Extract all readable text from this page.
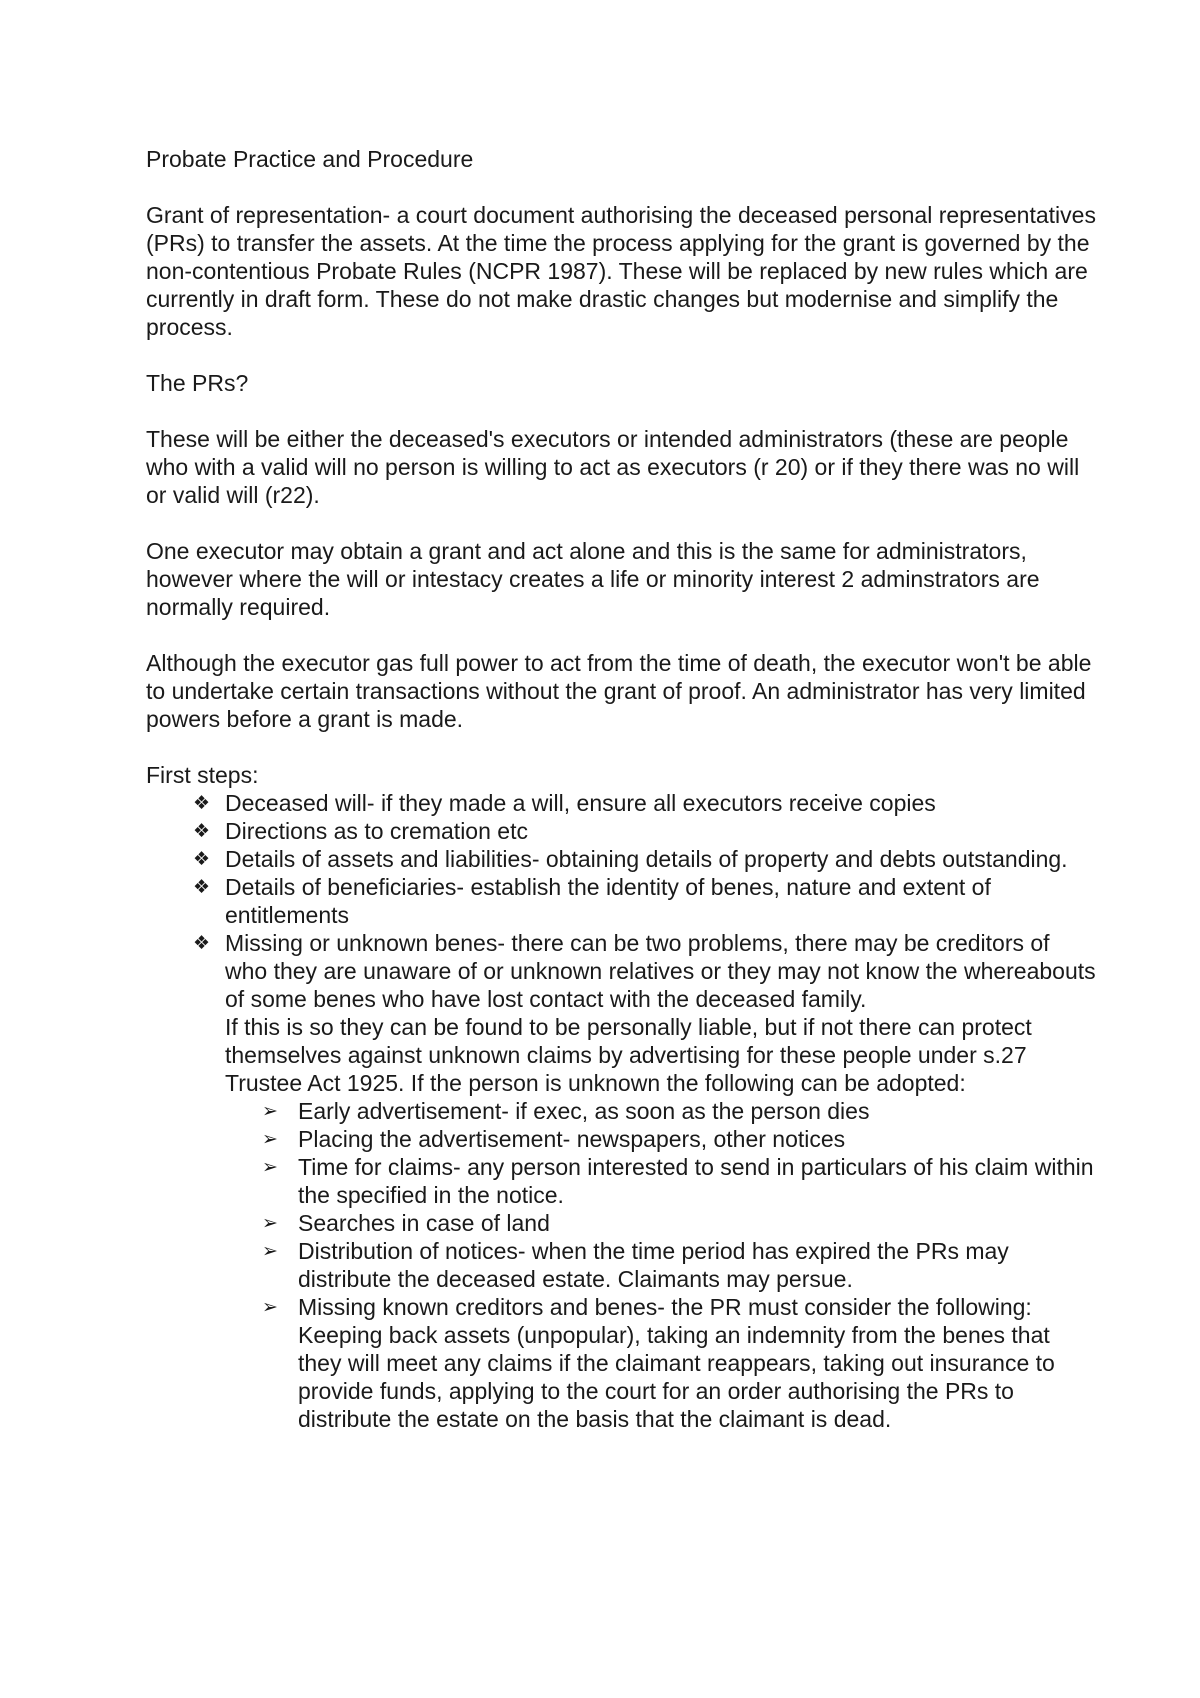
Probate Practice and Procedure

Grant of representation- a court document authorising the deceased personal representatives (PRs) to transfer the assets. At the time the process applying for the grant is governed by the non-contentious Probate Rules (NCPR 1987). These will be replaced by new rules which are currently in draft form. These do not make drastic changes but modernise and simplify the process.

The PRs?

These will be either the deceased's executors or intended administrators (these are people who with a valid will no person is willing to act as executors (r 20) or if they there was no will or valid will (r22).

One executor may obtain a grant and act alone and this is the same for administrators, however where the will or intestacy creates a life or minority interest 2 adminstrators are normally required.

Although the executor gas full power to act from the time of death, the executor won't be able to undertake certain transactions without the grant of proof. An administrator has very limited powers before a grant is made.

First steps:

❖ Deceased will- if they made a will, ensure all executors receive copies
❖ Directions as to cremation etc
❖ Details of assets and liabilities- obtaining details of property and debts outstanding.
❖ Details of beneficiaries- establish the identity of benes, nature and extent of entitlements
❖ Missing or unknown benes- there can be two problems, there may be creditors of who they are unaware of or unknown relatives or they may not know the whereabouts of some benes who have lost contact with the deceased family.
If this is so they can be found to be personally liable, but if not there can protect themselves against unknown claims by advertising for these people under s.27 Trustee Act 1925. If the person is unknown the following can be adopted:
➢ Early advertisement- if exec, as soon as the person dies
➢ Placing the advertisement- newspapers, other notices
➢ Time for claims- any person interested to send in particulars of his claim within the specified in the notice.
➢ Searches in case of land
➢ Distribution of notices- when the time period has expired the PRs may distribute the deceased estate. Claimants may persue.
➢ Missing known creditors and benes- the PR must consider the following: Keeping back assets (unpopular), taking an indemnity from the benes that they will meet any claims if the claimant reappears, taking out insurance to provide funds, applying to the court for an order authorising the PRs to distribute the estate on the basis that the claimant is dead.
